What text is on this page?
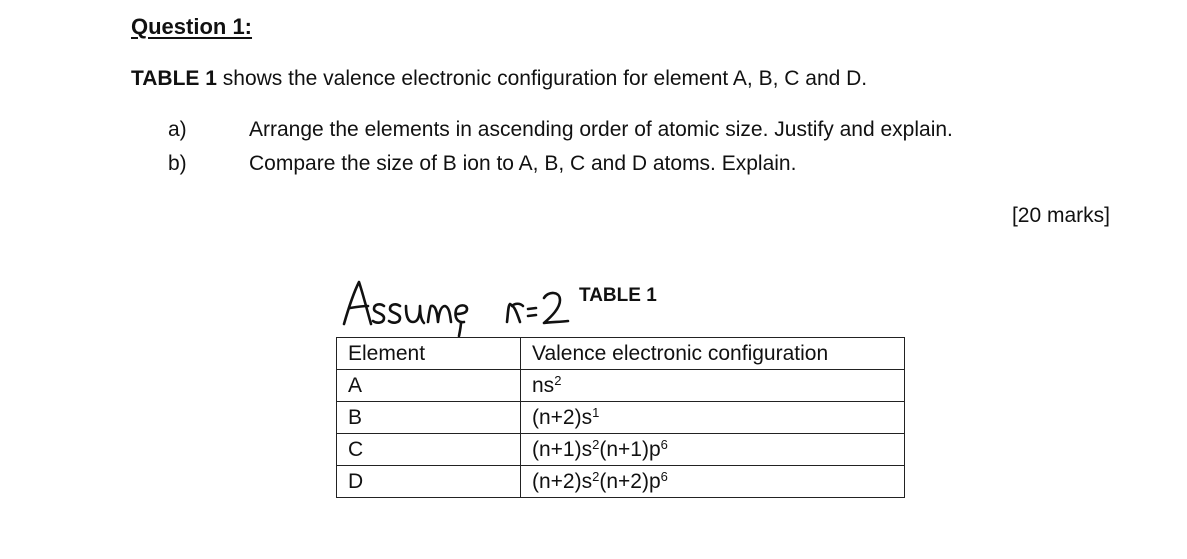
Question 1:
TABLE 1 shows the valence electronic configuration for element A, B, C and D.
a)	Arrange the elements in ascending order of atomic size. Justify and explain.
b)	Compare the size of B ion to A, B, C and D atoms. Explain.
[20 marks]
TABLE 1
Element	Valence electronic configuration
A	$ns^2$
B	$(n+2)s^1$
C	$(n+1)s^2(n+1)p^6$
D	$(n+2)s^2(n+2)p^6$
